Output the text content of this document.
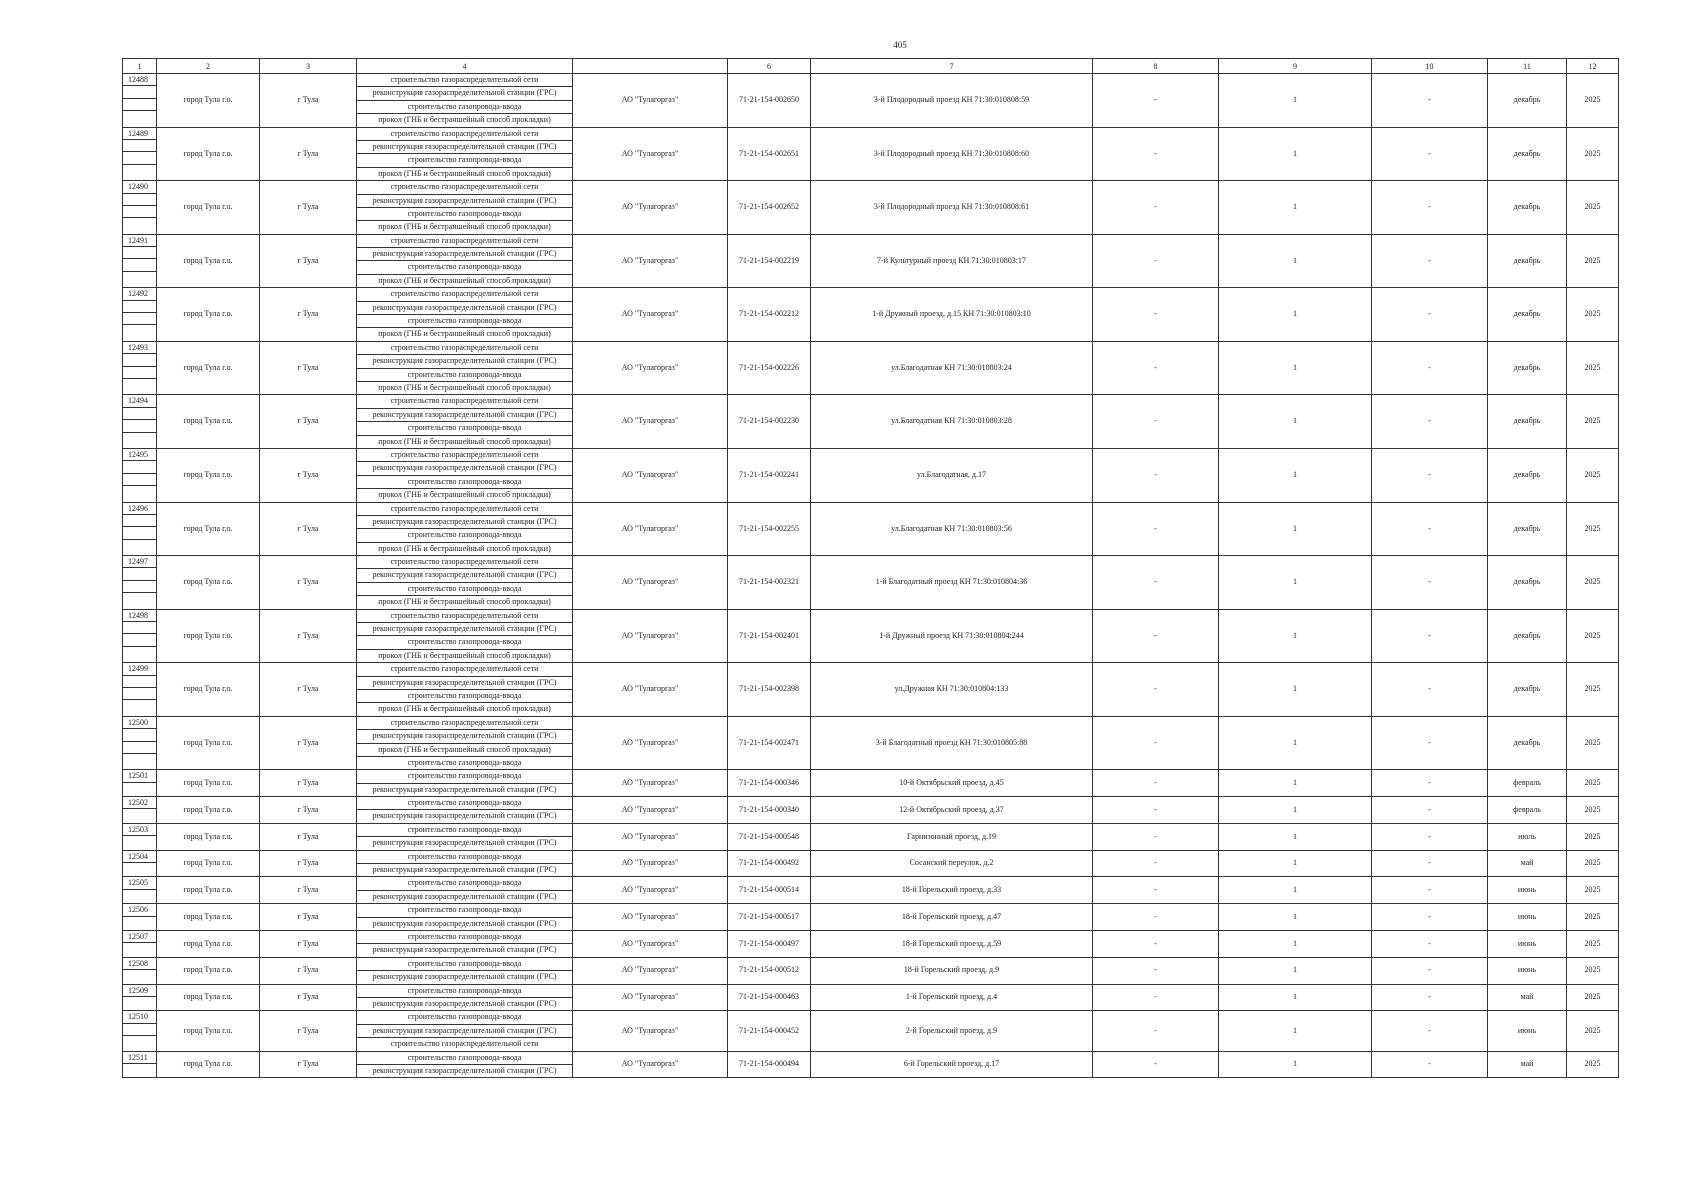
405
1	2	3	4		6	7	8	9	10	11	12

12488	город Тула г.о.	г Тула	строительство газораспределительной сети
реконструкция газораспределительной станции (ГРС)
строительство газопровода-ввода
прокол (ГНБ и бестраншейный способ прокладки)	АО "Тулагоргаз"	71-21-154-002650	3-й Плодородный проезд КН 71:30:010808:59	-	1	-	декабрь	2025

12489	город Тула г.о.	г Тула	строительство газораспределительной сети
реконструкция газораспределительной станции (ГРС)
строительство газопровода-ввода
прокол (ГНБ и бестраншейный способ прокладки)	АО "Тулагоргаз"	71-21-154-002651	3-й Плодородный проезд КН 71:30:010808:60	-	1	-	декабрь	2025

12490	город Тула г.о.	г Тула	строительство газораспределительной сети
реконструкция газораспределительной станции (ГРС)
строительство газопровода-ввода
прокол (ГНБ и бестраншейный способ прокладки)	АО "Тулагоргаз"	71-21-154-002652	3-й Плодородный проезд КН 71:30:010808:61	-	1	-	декабрь	2025

12491	город Тула г.о.	г Тула	строительство газораспределительной сети
реконструкция газораспределительной станции (ГРС)
строительство газопровода-ввода
прокол (ГНБ и бестраншейный способ прокладки)	АО "Тулагоргаз"	71-21-154-002219	7-й Культурный проезд КН 71:30:010803:17	-	1	-	декабрь	2025

12492	город Тула г.о.	г Тула	строительство газораспределительной сети
реконструкция газораспределительной станции (ГРС)
строительство газопровода-ввода
прокол (ГНБ и бестраншейный способ прокладки)	АО "Тулагоргаз"	71-21-154-002212	1-й Дружный проезд, д.15 КН 71:30:010803:10	-	1	-	декабрь	2025

12493	город Тула г.о.	г Тула	строительство газораспределительной сети
реконструкция газораспределительной станции (ГРС)
строительство газопровода-ввода
прокол (ГНБ и бестраншейный способ прокладки)	АО "Тулагоргаз"	71-21-154-002226	ул.Благодатная КН 71:30:010803:24	-	1	-	декабрь	2025

12494	город Тула г.о.	г Тула	строительство газораспределительной сети
реконструкция газораспределительной станции (ГРС)
строительство газопровода-ввода
прокол (ГНБ и бестраншейный способ прокладки)	АО "Тулагоргаз"	71-21-154-002230	ул.Благодатная КН 71:30:010803:28	-	1	-	декабрь	2025

12495	город Тула г.о.	г Тула	строительство газораспределительной сети
реконструкция газораспределительной станции (ГРС)
строительство газопровода-ввода
прокол (ГНБ и бестраншейный способ прокладки)	АО "Тулагоргаз"	71-21-154-002241	ул.Благодатная, д.17	-	1	-	декабрь	2025

12496	город Тула г.о.	г Тула	строительство газораспределительной сети
реконструкция газораспределительной станции (ГРС)
строительство газопровода-ввода
прокол (ГНБ и бестраншейный способ прокладки)	АО "Тулагоргаз"	71-21-154-002255	ул.Благодатная КН 71:30:010803:56	-	1	-	декабрь	2025

12497	город Тула г.о.	г Тула	строительство газораспределительной сети
реконструкция газораспределительной станции (ГРС)
строительство газопровода-ввода
прокол (ГНБ и бестраншейный способ прокладки)	АО "Тулагоргаз"	71-21-154-002321	1-й Благодатный проезд КН 71:30:010804:36	-	1	-	декабрь	2025

12498	город Тула г.о.	г Тула	строительство газораспределительной сети
реконструкция газораспределительной станции (ГРС)
строительство газопровода-ввода
прокол (ГНБ и бестраншейный способ прокладки)	АО "Тулагоргаз"	71-21-154-002401	1-й Дружный проезд КН 71:30:010804:244	-	1	-	декабрь	2025

12499	город Тула г.о.	г Тула	строительство газораспределительной сети
реконструкция газораспределительной станции (ГРС)
строительство газопровода-ввода
прокол (ГНБ и бестраншейный способ прокладки)	АО "Тулагоргаз"	71-21-154-002398	ул.Дружная КН 71:30:010804:133	-	1	-	декабрь	2025

12500	город Тула г.о.	г Тула	строительство газораспределительной сети
реконструкция газораспределительной станции (ГРС)
прокол (ГНБ и бестраншейный способ прокладки)
строительство газопровода-ввода	АО "Тулагоргаз"	71-21-154-002471	3-й Благодатный проезд КН 71:30:010805:88	-	1	-	декабрь	2025

12501	город Тула г.о.	г Тула	строительство газопровода-ввода
реконструкция газораспределительной станции (ГРС)	АО "Тулагоргаз"	71-21-154-000346	10-й Октябрьский проезд, д.45	-	1	-	февраль	2025

12502	город Тула г.о.	г Тула	строительство газопровода-ввода
реконструкция газораспределительной станции (ГРС)	АО "Тулагоргаз"	71-21-154-000340	12-й Октябрьский проезд, д.37	-	1	-	февраль	2025

12503	город Тула г.о.	г Тула	строительство газопровода-ввода
реконструкция газораспределительной станции (ГРС)	АО "Тулагоргаз"	71-21-154-000548	Гарнизонный проезд, д.19	-	1	-	июль	2025

12504	город Тула г.о.	г Тула	строительство газопровода-ввода
реконструкция газораспределительной станции (ГРС)	АО "Тулагоргаз"	71-21-154-000492	Сосанский переулок, д.2	-	1	-	май	2025

12505	город Тула г.о.	г Тула	строительство газопровода-ввода
реконструкция газораспределительной станции (ГРС)	АО "Тулагоргаз"	71-21-154-000514	18-й Горельский проезд, д.33	-	1	-	июнь	2025

12506	город Тула г.о.	г Тула	строительство газопровода-ввода
реконструкция газораспределительной станции (ГРС)	АО "Тулагоргаз"	71-21-154-000517	18-й Горельский проезд, д.47	-	1	-	июнь	2025

12507	город Тула г.о.	г Тула	строительство газопровода-ввода
реконструкция газораспределительной станции (ГРС)	АО "Тулагоргаз"	71-21-154-000497	18-й Горельский проезд, д.59	-	1	-	июнь	2025

12508	город Тула г.о.	г Тула	строительство газопровода-ввода
реконструкция газораспределительной станции (ГРС)	АО "Тулагоргаз"	71-21-154-000512	18-й Горельский проезд, д.9	-	1	-	июнь	2025

12509	город Тула г.о.	г Тула	строительство газопровода-ввода
реконструкция газораспределительной станции (ГРС)	АО "Тулагоргаз"	71-21-154-000463	1-й Горельский проезд, д.4	-	1	-	май	2025

12510	город Тула г.о.	г Тула	строительство газопровода-ввода
реконструкция газораспределительной станции (ГРС)
строительство газораспределительной сети	АО "Тулагоргаз"	71-21-154-000452	2-й Горельский проезд, д.9	-	1	-	июнь	2025

12511	город Тула г.о.	г Тула	строительство газопровода-ввода
реконструкция газораспределительной станции (ГРС)	АО "Тулагоргаз"	71-21-154-000494	6-й Горельский проезд, д.17	-	1	-	май	2025
